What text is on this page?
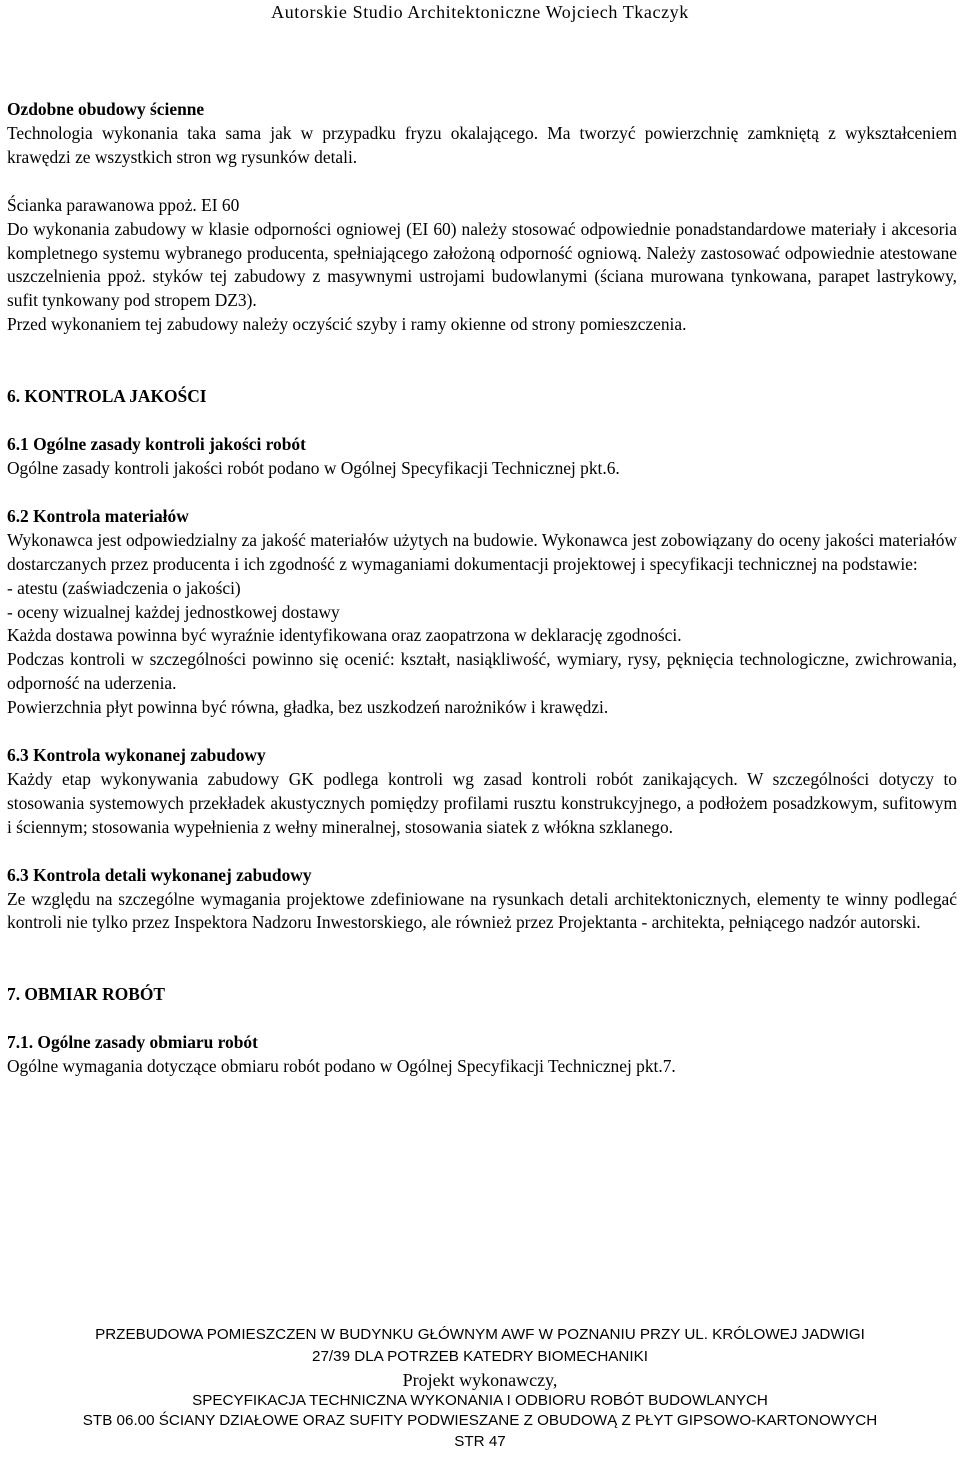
Autorskie Studio Architektoniczne Wojciech Tkaczyk
Ozdobne obudowy ścienne

Technologia wykonania taka sama jak w przypadku fryzu okalającego. Ma tworzyć powierzchnię zamkniętą z wykształceniem krawędzi ze wszystkich stron wg rysunków detali.

Ścianka parawanowa ppoż. EI 60

Do wykonania zabudowy w klasie odporności ogniowej (EI 60) należy stosować odpowiednie ponadstandardowe materiały i akcesoria kompletnego systemu wybranego producenta, spełniającego założoną odporność ogniową. Należy zastosować odpowiednie atestowane uszczelnienia ppoż. styków tej zabudowy z masywnymi ustrojami budowlanymi (ściana murowana tynkowana, parapet lastrykowy, sufit tynkowany pod stropem DZ3).

Przed wykonaniem tej zabudowy należy oczyścić szyby i ramy okienne od strony pomieszczenia.

6. KONTROLA JAKOŚCI
6.1 Ogólne zasady kontroli jakości robót

Ogólne zasady kontroli jakości robót podano w Ogólnej Specyfikacji Technicznej pkt.6.

6.2 Kontrola materiałów

Wykonawca jest odpowiedzialny za jakość materiałów użytych na budowie. Wykonawca jest zobowiązany do oceny jakości materiałów dostarczanych przez producenta i ich zgodność z wymaganiami dokumentacji projektowej i specyfikacji technicznej na podstawie:

- atestu (zaświadczenia o jakości)

- oceny wizualnej każdej jednostkowej dostawy

Każda dostawa powinna być wyraźnie identyfikowana oraz zaopatrzona w deklarację zgodności.

Podczas kontroli w szczególności powinno się ocenić: kształt, nasiąkliwość, wymiary, rysy, pęknięcia technologiczne, zwichrowania, odporność na uderzenia.

Powierzchnia płyt powinna być równa, gładka, bez uszkodzeń narożników i krawędzi.

6.3 Kontrola wykonanej zabudowy

Każdy etap wykonywania zabudowy GK podlega kontroli wg zasad kontroli robót zanikających. W szczególności dotyczy to stosowania systemowych przekładek akustycznych pomiędzy profilami rusztu konstrukcyjnego, a podłożem posadzkowym, sufitowym i ściennym; stosowania wypełnienia z wełny mineralnej, stosowania siatek z włókna szklanego.

6.3 Kontrola detali wykonanej zabudowy

Ze względu na szczególne wymagania projektowe zdefiniowane na rysunkach detali architektonicznych, elementy te winny podlegać kontroli nie tylko przez Inspektora Nadzoru Inwestorskiego, ale również przez Projektanta - architekta, pełniącego nadzór autorski.

7. OBMIAR ROBÓT
7.1. Ogólne zasady obmiaru robót

Ogólne wymagania dotyczące obmiaru robót podano w Ogólnej Specyfikacji Technicznej pkt.7.

PRZEBUDOWA POMIESZCZEN W BUDYNKU GŁÓWNYM AWF W POZNANIU PRZY UL. KRÓLOWEJ JADWIGI
27/39 DLA POTRZEB KATEDRY BIOMECHANIKI
Projekt wykonawczy,
SPECYFIKACJA TECHNICZNA WYKONANIA I ODBIORU ROBÓT BUDOWLANYCH
STB 06.00 ŚCIANY DZIAŁOWE ORAZ SUFITY PODWIESZANE Z OBUDOWĄ Z PŁYT GIPSOWO-KARTONOWYCH
STR 47
